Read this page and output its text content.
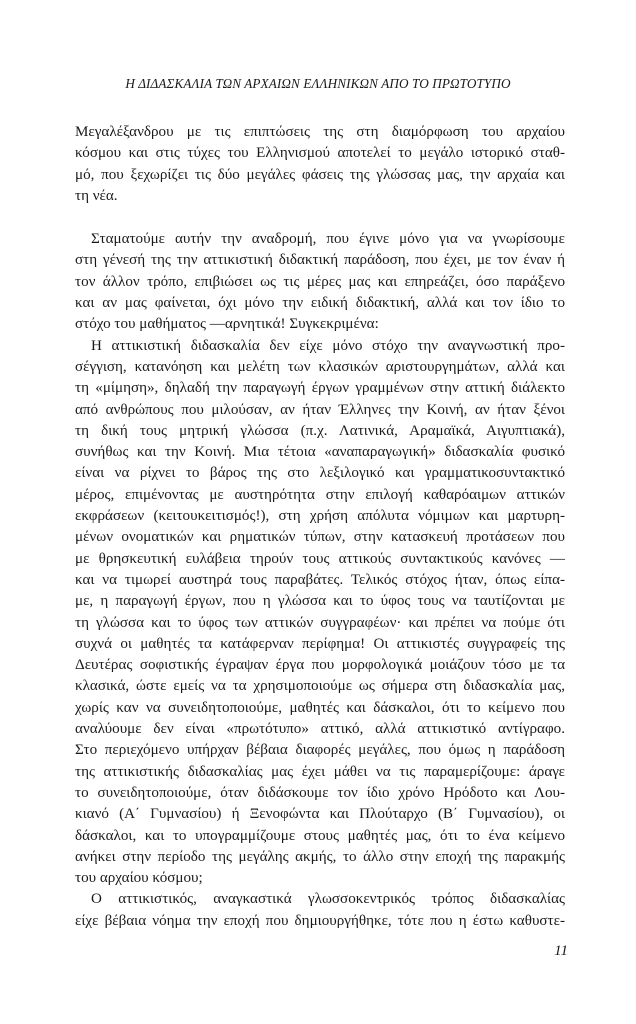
Η ΔΙΔΑΣΚΑΛΙΑ ΤΩΝ ΑΡΧΑΙΩΝ ΕΛΛΗΝΙΚΩΝ ΑΠΟ ΤΟ ΠΡΩΤΟΤΥΠΟ
Μεγαλέξανδρου με τις επιπτώσεις της στη διαμόρφωση του αρχαίου
κόσμου και στις τύχες του Ελληνισμού αποτελεί το μεγάλο ιστορικό σταθ-
μό, που ξεχωρίζει τις δύο μεγάλες φάσεις της γλώσσας μας, την αρχαία και
τη νέα.
Σταματούμε αυτήν την αναδρομή, που έγινε μόνο για να γνωρίσουμε
στη γένεσή της την αττικιστική διδακτική παράδοση, που έχει, με τον έναν ή
τον άλλον τρόπο, επιβιώσει ως τις μέρες μας και επηρεάζει, όσο παράξενο
και αν μας φαίνεται, όχι μόνο την ειδική διδακτική, αλλά και τον ίδιο το
στόχο του μαθήματος —αρνητικά! Συγκεκριμένα:
Η αττικιστική διδασκαλία δεν είχε μόνο στόχο την αναγνωστική προ-
σέγγιση, κατανόηση και μελέτη των κλασικών αριστουργημάτων, αλλά και
τη «μίμηση», δηλαδή την παραγωγή έργων γραμμένων στην αττική διάλεκτο
από ανθρώπους που μιλούσαν, αν ήταν Έλληνες την Κοινή, αν ήταν ξένοι
τη δική τους μητρική γλώσσα (π.χ. Λατινικά, Αραμαϊκά, Αιγυπτιακά),
συνήθως και την Κοινή. Μια τέτοια «αναπαραγωγική» διδασκαλία φυσικό
είναι να ρίχνει το βάρος της στο λεξιλογικό και γραμματικοσυντακτικό
μέρος, επιμένοντας με αυστηρότητα στην επιλογή καθαρόαιμων αττικών
εκφράσεων (κειτουκειτισμός!), στη χρήση απόλυτα νόμιμων και μαρτυρη-
μένων ονοματικών και ρηματικών τύπων, στην κατασκευή προτάσεων που
με θρησκευτική ευλάβεια τηρούν τους αττικούς συντακτικούς κανόνες —
και να τιμωρεί αυστηρά τους παραβάτες. Τελικός στόχος ήταν, όπως είπα-
με, η παραγωγή έργων, που η γλώσσα και το ύφος τους να ταυτίζονται με
τη γλώσσα και το ύφος των αττικών συγγραφέων· και πρέπει να πούμε ότι
συχνά οι μαθητές τα κατάφερναν περίφημα! Οι αττικιστές συγγραφείς της
Δευτέρας σοφιστικής έγραψαν έργα που μορφολογικά μοιάζουν τόσο με τα
κλασικά, ώστε εμείς να τα χρησιμοποιούμε ως σήμερα στη διδασκαλία μας,
χωρίς καν να συνειδητοποιούμε, μαθητές και δάσκαλοι, ότι το κείμενο που
αναλύουμε δεν είναι «πρωτότυπο» αττικό, αλλά αττικιστικό αντίγραφο.
Στο περιεχόμενο υπήρχαν βέβαια διαφορές μεγάλες, που όμως η παράδοση
της αττικιστικής διδασκαλίας μας έχει μάθει να τις παραμερίζουμε: άραγε
το συνειδητοποιούμε, όταν διδάσκουμε τον ίδιο χρόνο Ηρόδοτο και Λου-
κιανό (Α΄ Γυμνασίου) ή Ξενοφώντα και Πλούταρχο (Β΄ Γυμνασίου), οι
δάσκαλοι, και το υπογραμμίζουμε στους μαθητές μας, ότι το ένα κείμενο
ανήκει στην περίοδο της μεγάλης ακμής, το άλλο στην εποχή της παρακμής
του αρχαίου κόσμου;
Ο αττικιστικός, αναγκαστικά γλωσσοκεντρικός τρόπος διδασκαλίας
είχε βέβαια νόημα την εποχή που δημιουργήθηκε, τότε που η έστω καθυστε-
11
